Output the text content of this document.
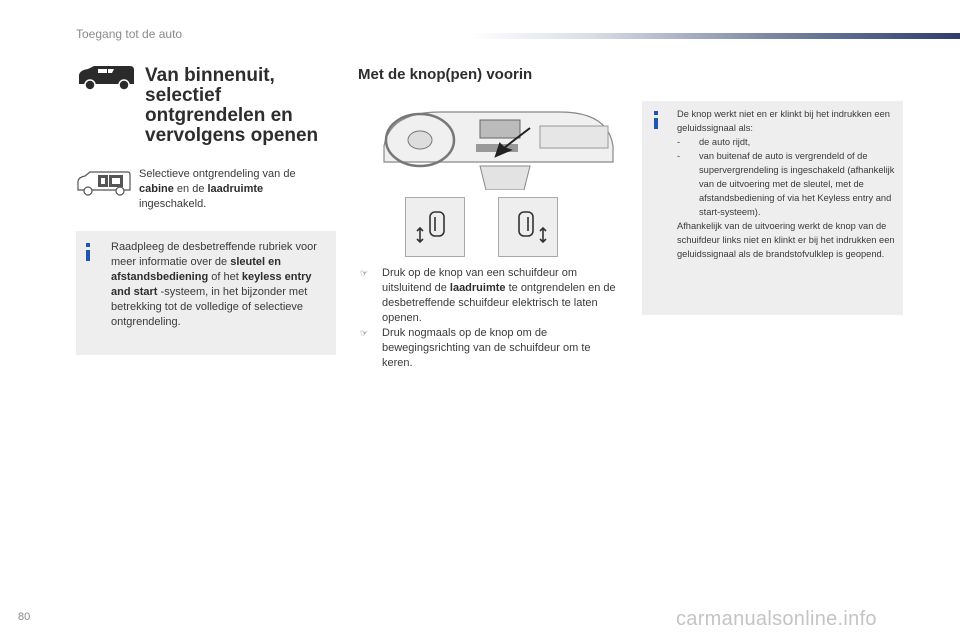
Toegang tot de auto
Van binnenuit, selectief ontgrendelen en vervolgens openen
Selectieve ontgrendeling van de cabine en de laadruimte ingeschakeld.
Raadpleeg de desbetreffende rubriek voor meer informatie over de sleutel en afstandsbediening of het keyless entry and start -systeem, in het bijzonder met betrekking tot de volledige of selectieve ontgrendeling.
Met de knop(pen) voorin
☞ Druk op de knop van een schuifdeur om uitsluitend de laadruimte te ontgrendelen en de desbetreffende schuifdeur elektrisch te laten openen.
☞ Druk nogmaals op de knop om de bewegingsrichting van de schuifdeur om te keren.
De knop werkt niet en er klinkt bij het indrukken een geluidssignaal als:
- de auto rijdt,
- van buitenaf de auto is vergrendeld of de supervergrendeling is ingeschakeld (afhankelijk van de uitvoering met de sleutel, met de afstandsbediening of via het Keyless entry and start-systeem).
Afhankelijk van de uitvoering werkt de knop van de schuifdeur links niet en klinkt er bij het indrukken een geluidssignaal als de brandstofvulklep is geopend.
80	carmanualsonline.info
